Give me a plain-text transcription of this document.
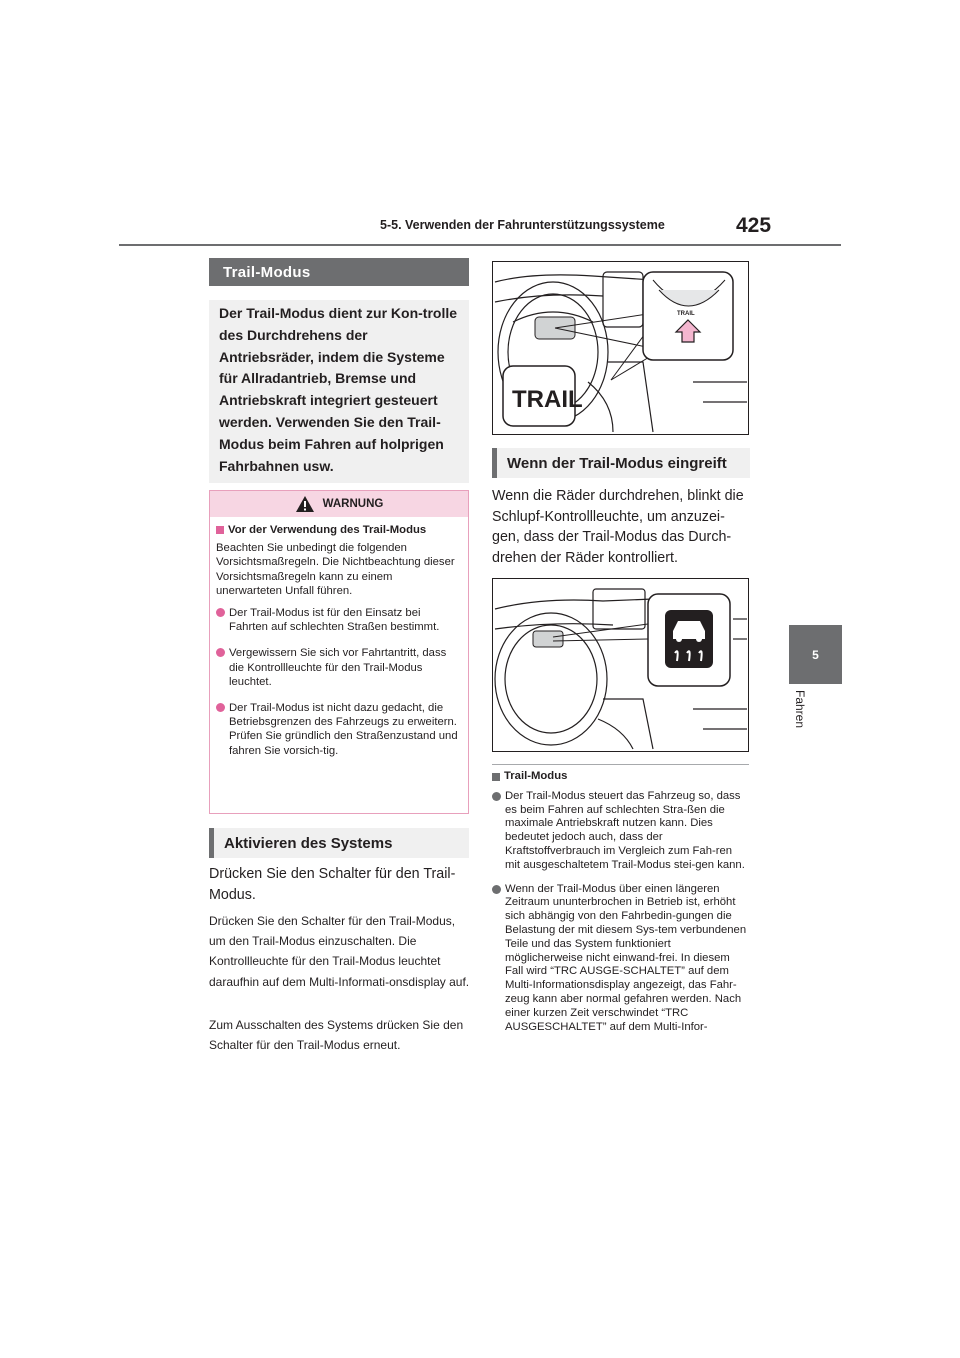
5-5. Verwenden der Fahrunterstützungssysteme	425
5
Fahren
Trail-Modus
Der Trail-Modus dient zur Kon-trolle des Durchdrehens der Antriebsräder, indem die Systeme für Allradantrieb, Bremse und Antriebskraft integriert gesteuert werden. Verwenden Sie den Trail-Modus beim Fahren auf holprigen Fahrbahnen usw.
WARNUNG
Vor der Verwendung des Trail-Modus
Beachten Sie unbedingt die folgenden Vorsichtsmaßregeln. Die Nichtbeachtung dieser Vorsichtsmaßregeln kann zu einem unerwarteten Unfall führen.
Der Trail-Modus ist für den Einsatz bei Fahrten auf schlechten Straßen bestimmt.
Vergewissern Sie sich vor Fahrtantritt, dass die Kontrollleuchte für den Trail-Modus leuchtet.
Der Trail-Modus ist nicht dazu gedacht, die Betriebsgrenzen des Fahrzeugs zu erweitern. Prüfen Sie gründlich den Straßenzustand und fahren Sie vorsich-tig.
Aktivieren des Systems
Drücken Sie den Schalter für den Trail-Modus.
Drücken Sie den Schalter für den Trail-Modus, um den Trail-Modus einzuschalten. Die Kontrollleuchte für den Trail-Modus leuchtet daraufhin auf dem Multi-Informati-onsdisplay auf.
Zum Ausschalten des Systems drücken Sie den Schalter für den Trail-Modus erneut.
TRAIL
TRAIL
Wenn der Trail-Modus eingreift
Wenn die Räder durchdrehen, blinkt die Schlupf-Kontrollleuchte, um anzuzei-gen, dass der Trail-Modus das Durch-drehen der Räder kontrolliert.
Trail-Modus
Der Trail-Modus steuert das Fahrzeug so, dass es beim Fahren auf schlechten Stra-ßen die maximale Antriebskraft nutzen kann. Dies bedeutet jedoch auch, dass der Kraftstoffverbrauch im Vergleich zum Fah-ren mit ausgeschaltetem Trail-Modus stei-gen kann.
Wenn der Trail-Modus über einen längeren Zeitraum ununterbrochen in Betrieb ist, erhöht sich abhängig von den Fahrbedin-gungen die Belastung der mit diesem Sys-tem verbundenen Teile und das System funktioniert möglicherweise nicht einwand-frei. In diesem Fall wird “TRC AUSGE-SCHALTET” auf dem Multi-Informationsdisplay angezeigt, das Fahr-zeug kann aber normal gefahren werden. Nach einer kurzen Zeit verschwindet “TRC AUSGESCHALTET” auf dem Multi-Infor-
